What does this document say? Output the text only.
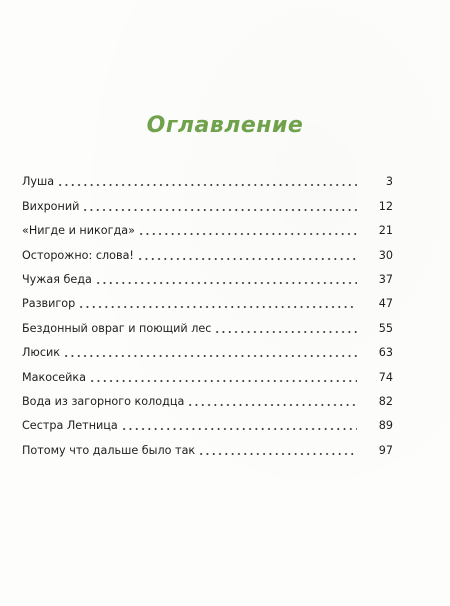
Оглавление
Луша	3
Вихроний	12
«Нигде и никогда»	21
Осторожно: слова!	30
Чужая беда	37
Развигор	47
Бездонный овраг и поющий лес	55
Люсик	63
Макосейка	74
Вода из загорного колодца	82
Сестра Летница	89
Потому что дальше было так	97
